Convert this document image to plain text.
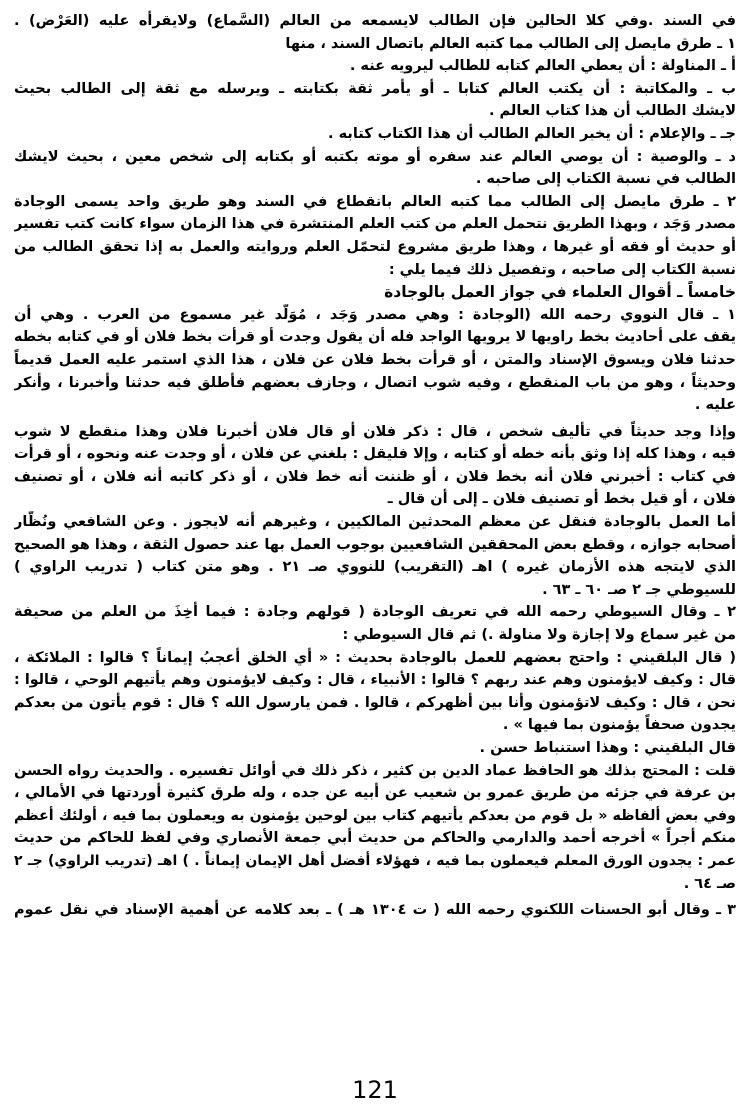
في السند .وفي كلا الحالين فإن الطالب لايسمعه من العالم (السَّماع) ولايقرأه عليه (العَرْض) .
١ ـ طرق مايصل إلى الطالب مما كتبه العالم باتصال السند ، منها
أ ـ المناولة : أن يعطي العالم كتابه للطالب ليرويه عنه .
ب ـ والمكاتبة : أن يكتب العالم كتابا ـ أو يأمر ثقة بكتابته ـ ويرسله مع ثقة إلى الطالب بحيث
لايشك الطالب أن هذا كتاب العالم .
جـ ـ والإعلام : أن يخبر العالم الطالب أن هذا الكتاب كتابه .
د ـ والوصية : أن يوصي العالم عند سفره أو موته بكتبه أو بكتابه إلى شخص معين ، بحيث لايشك
الطالب في نسبة الكتاب إلى صاحبه .
٢ ـ طرق مايصل إلى الطالب مما كتبه العالم بانقطاع في السند وهو طريق واحد يسمى الوجادة
مصدر وَجَد ، وبهذا الطريق نتحمل العلم من كتب العلم المنتشرة في هذا الزمان سواء كانت كتب تفسير
أو حديث أو فقه أو غيرها ، وهذا طريق مشروع لتحمّل العلم وروايته والعمل به إذا تحقق الطالب من
نسبة الكتاب إلى صاحبه ، وتفصيل ذلك فيما يلي :
خامساً ـ أقوال العلماء في جواز العمل بالوجادة
١ ـ قال النووي رحمه الله (الوجادة : وهي مصدر وَجَد ، مُوَلَّد غير مسموع من العرب . وهي أن
يقف على أحاديث بخط راويها لا يرويها الواجد فله أن يقول وجدت أو قرأت بخط فلان أو في كتابه بخطه
حدثنا فلان ويسوق الإسناد والمتن ، أو قرأت بخط فلان عن فلان ، هذا الذي استمر عليه العمل قديماً
وحديثاً ، وهو من باب المنقطع ، وفيه شوب اتصال ، وجازف بعضهم فأطلق فيه حدثنا وأخبرنا ، وأنكر
عليه .
وإذا وجد حديثاً في تأليف شخص ، قال : ذكر فلان أو قال فلان أخبرنا فلان وهذا منقطع لا شوب
فيه ، وهذا كله إذا وثق بأنه خطه أو كتابه ، وإلا فليقل : بلغني عن فلان ، أو وجدت عنه ونحوه ، أو قرأت
في كتاب : أخبرني فلان أنه بخط فلان ، أو ظننت أنه خط فلان ، أو ذكر كاتبه أنه فلان ، أو تصنيف
فلان ، أو قيل بخط أو تصنيف فلان ـ إلى أن قال ـ
أما العمل بالوجادة فنقل عن معظم المحدثين المالكيين ، وغيرهم أنه لايجوز . وعن الشافعي ونُظَّار
أصحابه جوازه ، وقطع بعض المحققين الشافعيين بوجوب العمل بها عند حصول الثقة ، وهذا هو الصحيح
الذي لايتجه هذه الأزمان غيره ) اهـ (التقريب) للنووي صـ ٢١ . وهو متن كتاب ( تدريب الراوي )
للسيوطي جـ ٢ صـ ٦٠ ـ ٦٣ .
٢ ـ وقال السيوطي رحمه الله في تعريف الوجادة ( قولهم وجادة : فيما أُخِذَ من العلم من صحيفة
من غير سماع ولا إجازة ولا مناولة .) ثم قال السيوطي :
( قال البلقيني : واحتج بعضهم للعمل بالوجادة بحديث : « أي الخلق أعجبُ إيماناً ؟ قالوا : الملائكة ،
قال : وكيف لايؤمنون وهم عند ربهم ؟ قالوا : الأنبياء ، قال : وكيف لايؤمنون وهم يأتيهم الوحي ، قالوا :
نحن ، قال : وكيف لاتؤمنون وأنا بين أظهركم ، قالوا . فمن يارسول الله ؟ قال : قوم يأتون من بعدكم
يجدون صحفاً يؤمنون بما فيها » .
قال البلقيني : وهذا استنباط حسن .
قلت : المحتج بذلك هو الحافظ عماد الدين بن كثير ، ذكر ذلك في أوائل تفسيره . والحديث رواه الحسن
بن عرفة في جزئه من طريق عمرو بن شعيب عن أبيه عن جده ، وله طرق كثيرة أوردتها في الأمالي ،
وفي بعض ألفاظه « بل قوم من بعدكم يأتيهم كتاب بين لوحين يؤمنون به ويعملون بما فيه ، أولئك أعظم
منكم أجراً » أخرجه أحمد والدارمي والحاكم من حديث أبي جمعة الأنصاري وفي لفظ للحاكم من حديث
عمر : يجدون الورق المعلم فيعملون بما فيه ، فهؤلاء أفضل أهل الإيمان إيماناً . ) اهـ (تدريب الراوي) جـ ٢
صـ ٦٤ .
٣ ـ وقال أبو الحسنات اللكنوي رحمه الله ( ت ١٣٠٤ هـ ) ـ بعد كلامه عن أهمية الإسناد في نقل عموم
121
